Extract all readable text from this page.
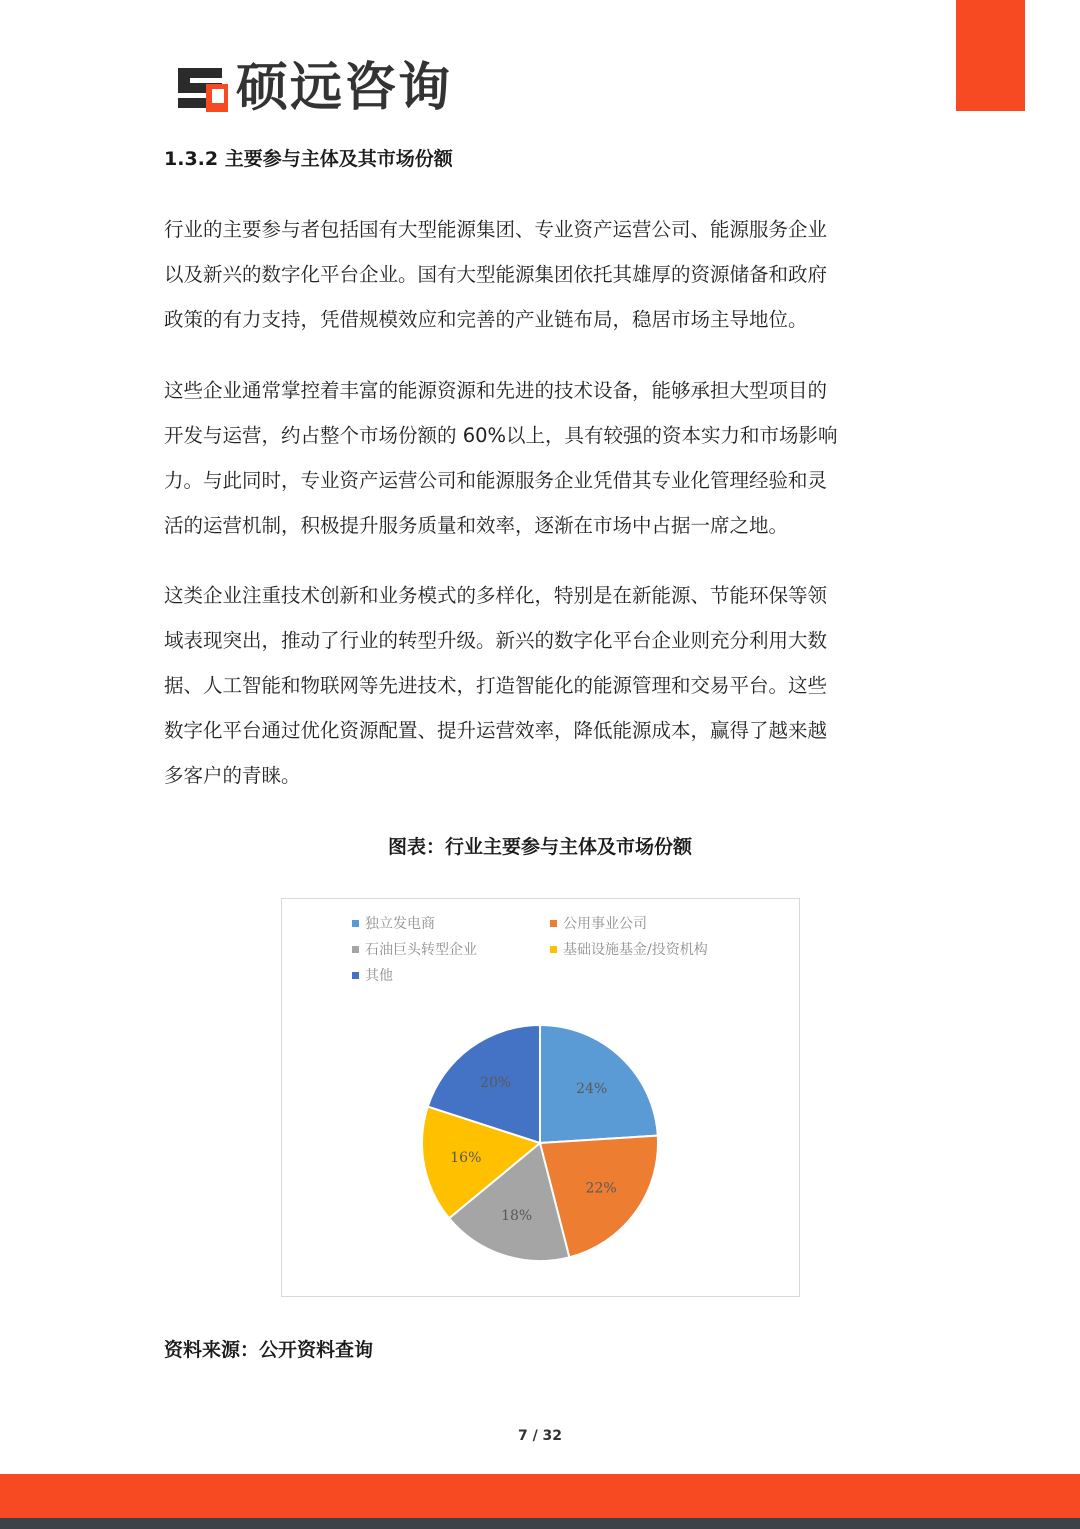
硕远咨询
1.3.2 主要参与主体及其市场份额

行业的主要参与者包括国有大型能源集团、专业资产运营公司、能源服务企业
以及新兴的数字化平台企业。国有大型能源集团依托其雄厚的资源储备和政府
政策的有力支持，凭借规模效应和完善的产业链布局，稳居市场主导地位。

这些企业通常掌控着丰富的能源资源和先进的技术设备，能够承担大型项目的
开发与运营，约占整个市场份额的 60%以上，具有较强的资本实力和市场影响
力。与此同时，专业资产运营公司和能源服务企业凭借其专业化管理经验和灵
活的运营机制，积极提升服务质量和效率，逐渐在市场中占据一席之地。

这类企业注重技术创新和业务模式的多样化，特别是在新能源、节能环保等领
域表现突出，推动了行业的转型升级。新兴的数字化平台企业则充分利用大数
据、人工智能和物联网等先进技术，打造智能化的能源管理和交易平台。这些
数字化平台通过优化资源配置、提升运营效率，降低能源成本，赢得了越来越
多客户的青睐。

图表：行业主要参与主体及市场份额
独立发电商	公用事业公司
石油巨头转型企业	基础设施基金/投资机构
其他
24%
22%
18%
16%
20%

资料来源：公开资料查询

7 / 32
